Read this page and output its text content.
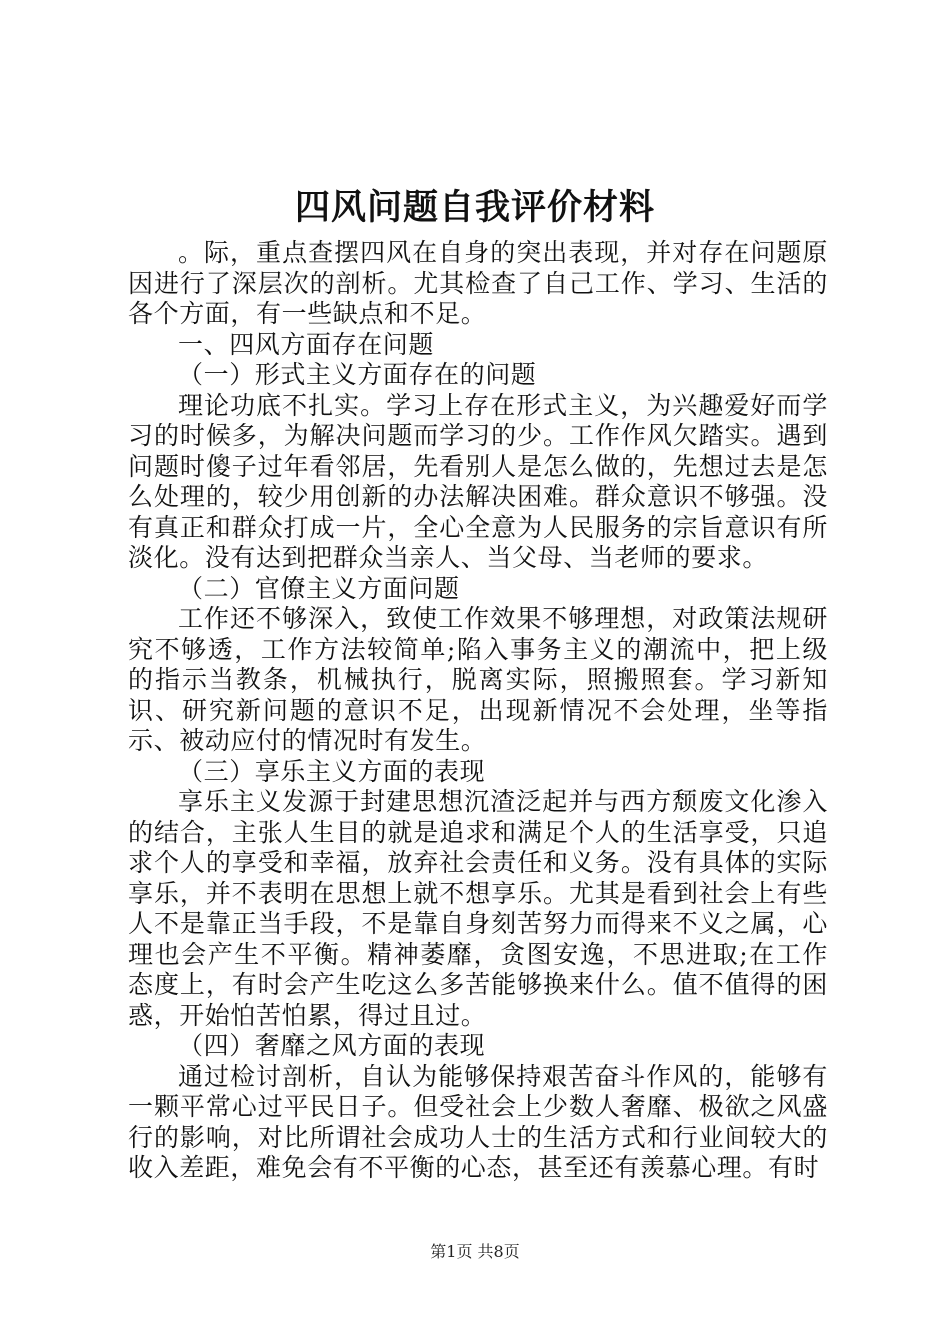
四风问题自我评价材料

。际，重点查摆四风在自身的突出表现，并对存在问题原因进行了深层次的剖析。尤其检查了自己工作、学习、生活的各个方面，有一些缺点和不足。

一、四风方面存在问题

（一）形式主义方面存在的问题

理论功底不扎实。学习上存在形式主义，为兴趣爱好而学习的时候多，为解决问题而学习的少。工作作风欠踏实。遇到问题时傻子过年看邻居，先看别人是怎么做的，先想过去是怎么处理的，较少用创新的办法解决困难。群众意识不够强。没有真正和群众打成一片，全心全意为人民服务的宗旨意识有所淡化。没有达到把群众当亲人、当父母、当老师的要求。

（二）官僚主义方面问题

工作还不够深入，致使工作效果不够理想，对政策法规研究不够透，工作方法较简单;陷入事务主义的潮流中，把上级的指示当教条，机械执行，脱离实际，照搬照套。学习新知识、研究新问题的意识不足，出现新情况不会处理，坐等指示、被动应付的情况时有发生。

（三）享乐主义方面的表现

享乐主义发源于封建思想沉渣泛起并与西方颓废文化渗入的结合，主张人生目的就是追求和满足个人的生活享受，只追求个人的享受和幸福，放弃社会责任和义务。没有具体的实际享乐，并不表明在思想上就不想享乐。尤其是看到社会上有些人不是靠正当手段，不是靠自身刻苦努力而得来不义之属，心理也会产生不平衡。精神萎靡，贪图安逸，不思进取;在工作态度上，有时会产生吃这么多苦能够换来什么。值不值得的困惑，开始怕苦怕累，得过且过。

（四）奢靡之风方面的表现

通过检讨剖析，自认为能够保持艰苦奋斗作风的，能够有一颗平常心过平民日子。但受社会上少数人奢靡、极欲之风盛行的影响，对比所谓社会成功人士的生活方式和行业间较大的收入差距，难免会有不平衡的心态，甚至还有羡慕心理。有时

第1页 共8页
